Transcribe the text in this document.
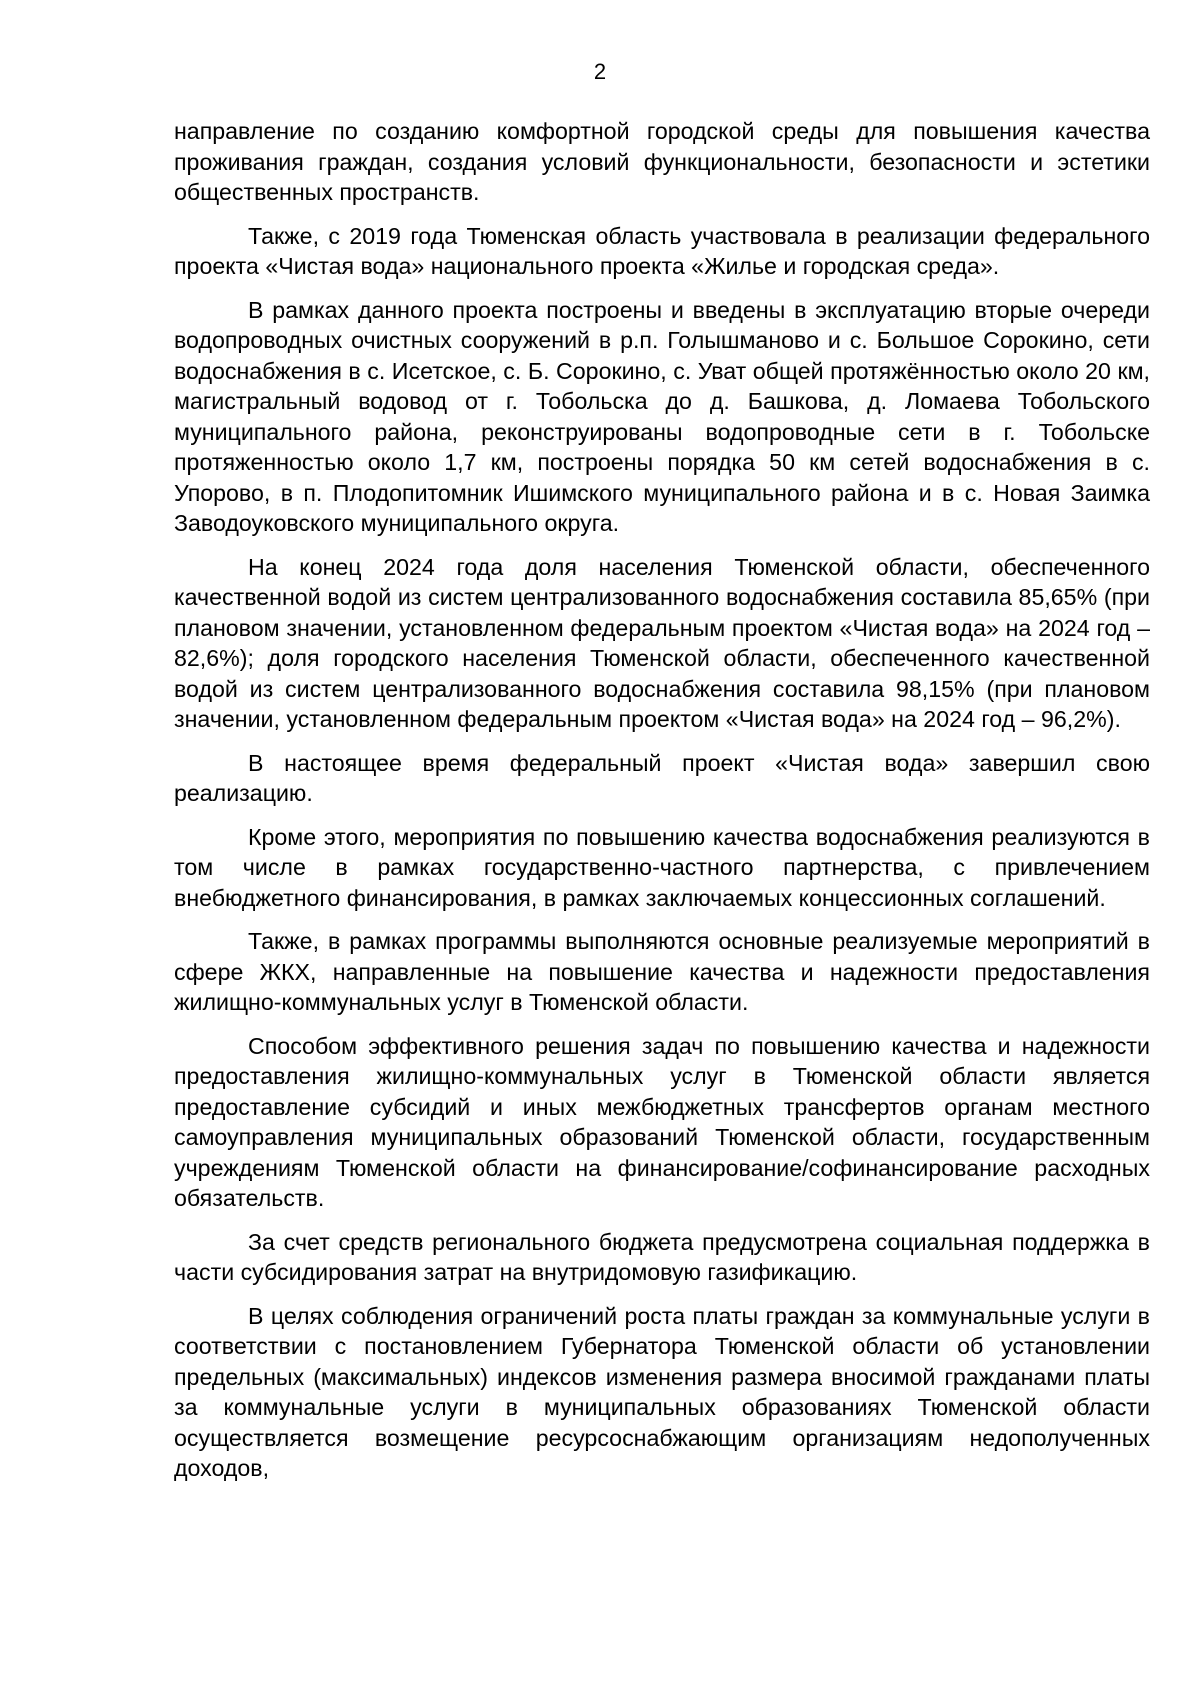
2

направление по созданию комфортной городской среды для повышения качества проживания граждан, создания условий функциональности, безопасности и эстетики общественных пространств.

Также, с 2019 года Тюменская область участвовала в реализации федерального проекта «Чистая вода» национального проекта «Жилье и городская среда».

В рамках данного проекта построены и введены в эксплуатацию вторые очереди водопроводных очистных сооружений в р.п. Голышманово и с. Большое Сорокино, сети водоснабжения в с. Исетское, с. Б. Сорокино, с. Уват общей протяжённостью около 20 км, магистральный водовод от г. Тобольска до д. Башкова, д. Ломаева Тобольского муниципального района, реконструированы водопроводные сети в г. Тобольске протяженностью около 1,7 км, построены порядка 50 км сетей водоснабжения в с. Упорово, в п. Плодопитомник Ишимского муниципального района и в с. Новая Заимка Заводоуковского муниципального округа.

На конец 2024 года доля населения Тюменской области, обеспеченного качественной водой из систем централизованного водоснабжения составила 85,65% (при плановом значении, установленном федеральным проектом «Чистая вода» на 2024 год – 82,6%); доля городского населения Тюменской области, обеспеченного качественной водой из систем централизованного водоснабжения составила 98,15% (при плановом значении, установленном федеральным проектом «Чистая вода» на 2024 год – 96,2%).

В настоящее время федеральный проект «Чистая вода» завершил свою реализацию.

Кроме этого, мероприятия по повышению качества водоснабжения реализуются в том числе в рамках государственно-частного партнерства, с привлечением внебюджетного финансирования, в рамках заключаемых концессионных соглашений.

Также, в рамках программы выполняются основные реализуемые мероприятий в сфере ЖКХ, направленные на повышение качества и надежности предоставления жилищно-коммунальных услуг в Тюменской области.

Способом эффективного решения задач по повышению качества и надежности предоставления жилищно-коммунальных услуг в Тюменской области является предоставление субсидий и иных межбюджетных трансфертов органам местного самоуправления муниципальных образований Тюменской области, государственным учреждениям Тюменской области на финансирование/софинансирование расходных обязательств.

За счет средств регионального бюджета предусмотрена социальная поддержка в части субсидирования затрат на внутридомовую газификацию.

В целях соблюдения ограничений роста платы граждан за коммунальные услуги в соответствии с постановлением Губернатора Тюменской области об установлении предельных (максимальных) индексов изменения размера вносимой гражданами платы за коммунальные услуги в муниципальных образованиях Тюменской области осуществляется возмещение ресурсоснабжающим организациям недополученных доходов,
